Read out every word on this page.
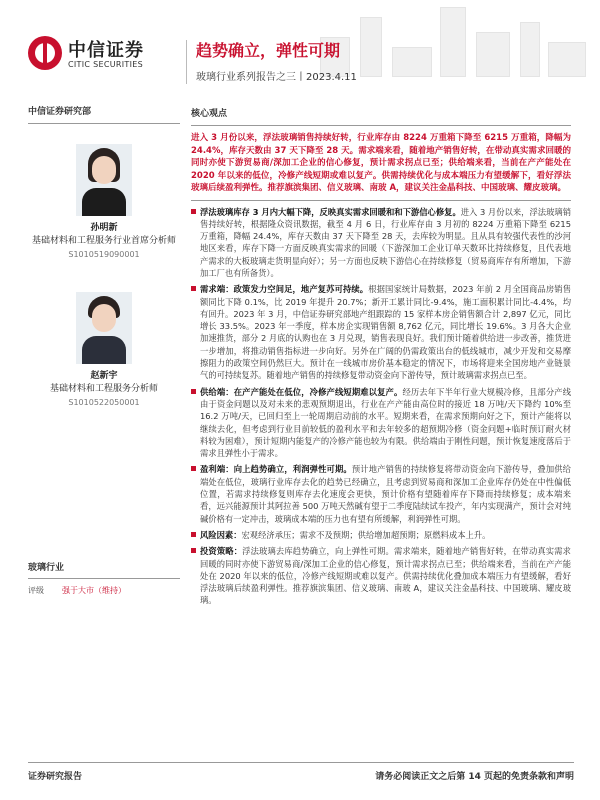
中信证券
CITIC SECURITIES
趋势确立，弹性可期
玻璃行业系列报告之三丨2023.4.11
中信证券研究部
孙明新
基础材料和工程服务行业首席分析师
S1010519090001
赵新宇
基础材料和工程服务分析师
S1010522050001
玻璃行业
评级	强于大市（维持）
核心观点
进入 3 月份以来，浮法玻璃销售持续好转，行业库存由 8224 万重箱下降至 6215 万重箱，降幅为 24.4%，库存天数由 37 天下降至 28 天。需求端来看，随着地产销售好转，在带动真实需求回暖的同时亦使下游贸易商/深加工企业的信心修复，预计需求拐点已至；供给端来看，当前在产产能处在 2020 年以来的低位，冷修产线短期或难以复产。供需持续优化与成本端压力有望缓解下，看好浮法玻璃后续盈利弹性。推荐旗滨集团、信义玻璃、南玻 A，建议关注金晶科技、中国玻璃、耀皮玻璃。
浮法玻璃库存 3 月内大幅下降，反映真实需求回暖和和下游信心修复。进入 3 月份以来，浮法玻璃销售持续好转，根据隆众资讯数据，截至 4 月 6 日，行业库存由 3 月初的 8224 万重箱下降至 6215 万重箱，降幅 24.4%，库存天数由 37 天下降至 28 天，去库较为明显。且从具有较强代表性的沙河地区来看，库存下降一方面反映真实需求的回暖（下游深加工企业订单天数环比持续修复，且代表地产需求的大板玻璃走货明显向好）；另一方面也反映下游信心在持续修复（贸易商库存有所增加，下游加工厂也有所备货）。
需求端：政策发力空间足，地产复苏可持续。根据国家统计局数据，2023 年前 2 月全国商品房销售额同比下降 0.1%，比 2019 年提升 20.7%；新开工累计同比-9.4%，施工面积累计同比-4.4%，均有回升。2023 年 3 月，中信证券研究部地产组跟踪的 15 家样本房企销售额合计 2,897 亿元，同比增长 33.5%。2023 年一季度，样本房企实现销售额 8,762 亿元，同比增长 19.6%。3 月各大企业加速推货，部分 2 月底的认购也在 3 月兑现，销售表现良好。我们预计随着供给进一步改善，推货进一步增加，将推动销售指标进一步向好。另外在广阔的仍需政策出台的低线城市，减少开发和交易摩擦阻力的政策空间仍然巨大。预计在一线城市房价基本稳定的情况下，市场将迎来全国房地产业链景气的可持续复苏。随着地产销售的持续修复带动资金向下游传导，预计玻璃需求拐点已至。
供给端：在产产能处在低位，冷修产线短期难以复产。经历去年下半年行业大规模冷修，且部分产线由于资金问题以及对未来的悲观预期退出，行业在产产能由高位时的接近 18 万吨/天下降约 10%至 16.2 万吨/天，已回归至上一轮周期启动前的水平。短期来看，在需求预期向好之下，预计产能将以继续去化，但考虑到行业目前较低的盈利水平和去年较多的超预期冷修（资金问题+临时预订耐火材料较为困难），预计短期内能复产的冷修产能也较为有限。供给端由于刚性问题，预计恢复速度落后于需求且弹性小于需求。
盈利端：向上趋势确立，利润弹性可期。预计地产销售的持续修复将带动资金向下游传导，叠加供给端处在低位，玻璃行业库存去化的趋势已经确立，且考虑到贸易商和深加工企业库存仍处在中性偏低位置，若需求持续修复则库存去化速度会更快，预计价格有望随着库存下降而持续修复；成本端来看，远兴能源预计其阿拉善 500 万吨天然碱有望于二季度陆续试车投产，年内实现满产，预计会对纯碱价格有一定冲击，玻璃成本端的压力也有望有所缓解，利润弹性可期。
风险因素：宏观经济承压；需求不及预期；供给增加超预期；原燃料成本上升。
投资策略：浮法玻璃去库趋势确立，向上弹性可期。需求端来，随着地产销售好转，在带动真实需求回暖的同时亦使下游贸易商/深加工企业的信心修复，预计需求拐点已至；供给端来看，当前在产产能处在 2020 年以来的低位，冷修产线短期或难以复产。供需持续优化叠加成本端压力有望缓解，看好浮法玻璃后续盈利弹性。推荐旗滨集团、信义玻璃、南玻 A，建议关注金晶科技、中国玻璃、耀皮玻璃。
证券研究报告	请务必阅读正文之后第 14 页起的免责条款和声明
